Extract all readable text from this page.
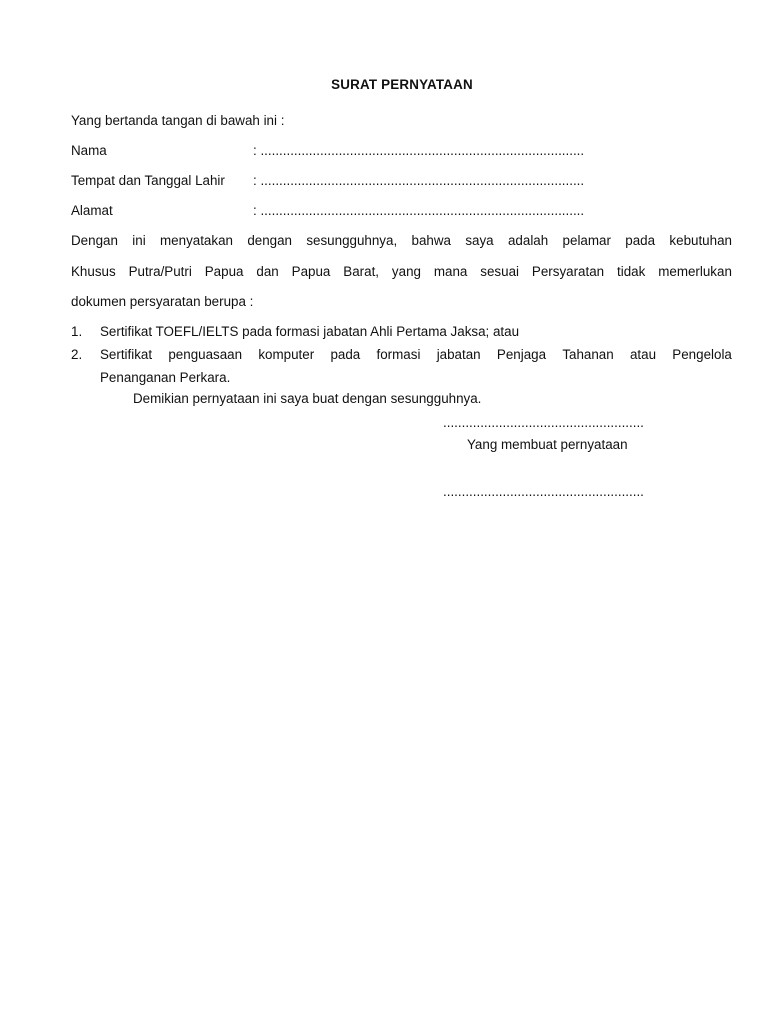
SURAT PERNYATAAN
Yang bertanda tangan di bawah ini :
Nama	: .......................................................................................
Tempat dan Tanggal Lahir : .......................................................................................
Alamat	: .......................................................................................
Dengan ini menyatakan dengan sesungguhnya, bahwa saya adalah pelamar pada kebutuhan
Khusus Putra/Putri Papua dan Papua Barat, yang mana sesuai Persyaratan tidak memerlukan
dokumen persyaratan berupa :
1. Sertifikat TOEFL/IELTS pada formasi jabatan Ahli Pertama Jaksa; atau
2. Sertifikat penguasaan komputer pada formasi jabatan Penjaga Tahanan atau Pengelola
Penanganan Perkara.
Demikian pernyataan ini saya buat dengan sesungguhnya.
......................................................
Yang membuat pernyataan
......................................................
